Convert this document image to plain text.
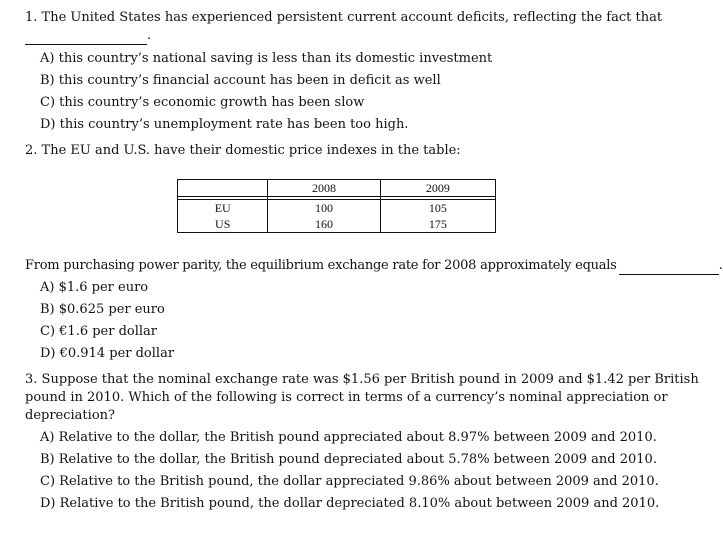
1. The United States has experienced persistent current account deficits, reflecting the fact that
.
A) this country’s national saving is less than its domestic investment
B) this country’s financial account has been in deficit as well
C) this country’s economic growth has been slow
D) this country’s unemployment rate has been too high.
2. The EU and U.S. have their domestic price indexes in the table:
	2008	2009

EU	100	105
US	160	175
From purchasing power parity, the equilibrium exchange rate for 2008 approximately equals	.
A) $1.6 per euro
B) $0.625 per euro
C) €1.6 per dollar
D) €0.914 per dollar
3. Suppose that the nominal exchange rate was $1.56 per British pound in 2009 and $1.42 per British
pound in 2010. Which of the following is correct in terms of a currency’s nominal appreciation or
depreciation?
A) Relative to the dollar, the British pound appreciated about 8.97% between 2009 and 2010.
B) Relative to the dollar, the British pound depreciated about 5.78% between 2009 and 2010.
C) Relative to the British pound, the dollar appreciated 9.86% about between 2009 and 2010.
D) Relative to the British pound, the dollar depreciated 8.10% about between 2009 and 2010.
